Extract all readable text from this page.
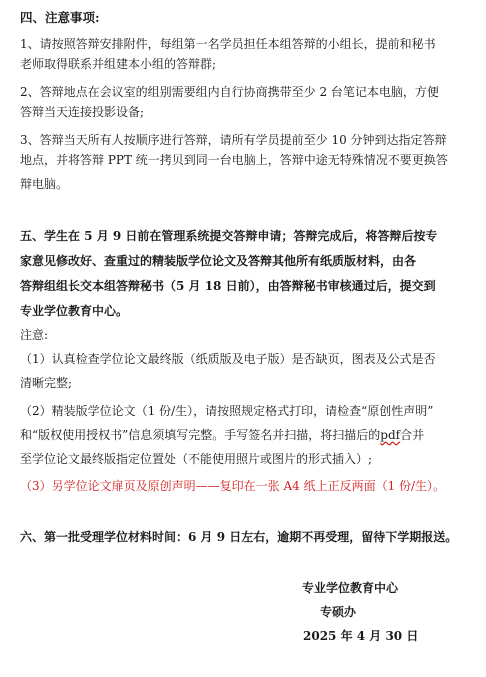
四、注意事项:
1、请按照答辩安排附件，每组第一名学员担任本组答辩的小组长，提前和秘书
老师取得联系并组建本小组的答辩群;
2、答辩地点在会议室的组别需要组内自行协商携带至少 2 台笔记本电脑，方便
答辩当天连接投影设备;
3、答辩当天所有人按顺序进行答辩，请所有学员提前至少 10 分钟到达指定答辩
地点，并将答辩 PPT 统一拷贝到同一台电脑上，答辩中途无特殊情况不要更换答
辩电脑。
五、学生在 5 月 9 日前在管理系统提交答辩申请；答辩完成后，将答辩后按专
家意见修改好、查重过的精装版学位论文及答辩其他所有纸质版材料，由各
答辩组组长交本组答辩秘书（5 月 18 日前），由答辩秘书审核通过后，提交到
专业学位教育中心。
注意:
（1）认真检查学位论文最终版（纸质版及电子版）是否缺页，图表及公式是否
清晰完整;
（2）精装版学位论文（1 份/生），请按照规定格式打印，请检查“原创性声明”
和“版权使用授权书”信息须填写完整。手写签名并扫描，将扫描后的pdf合并
至学位论文最终版指定位置处（不能使用照片或图片的形式插入）;
（3）另学位论文扉页及原创声明——复印在一张 A4 纸上正反两面（1 份/生）。
六、第一批受理学位材料时间：6 月 9 日左右，逾期不再受理，留待下学期报送。
专业学位教育中心
专硕办
2025 年 4 月 30 日
